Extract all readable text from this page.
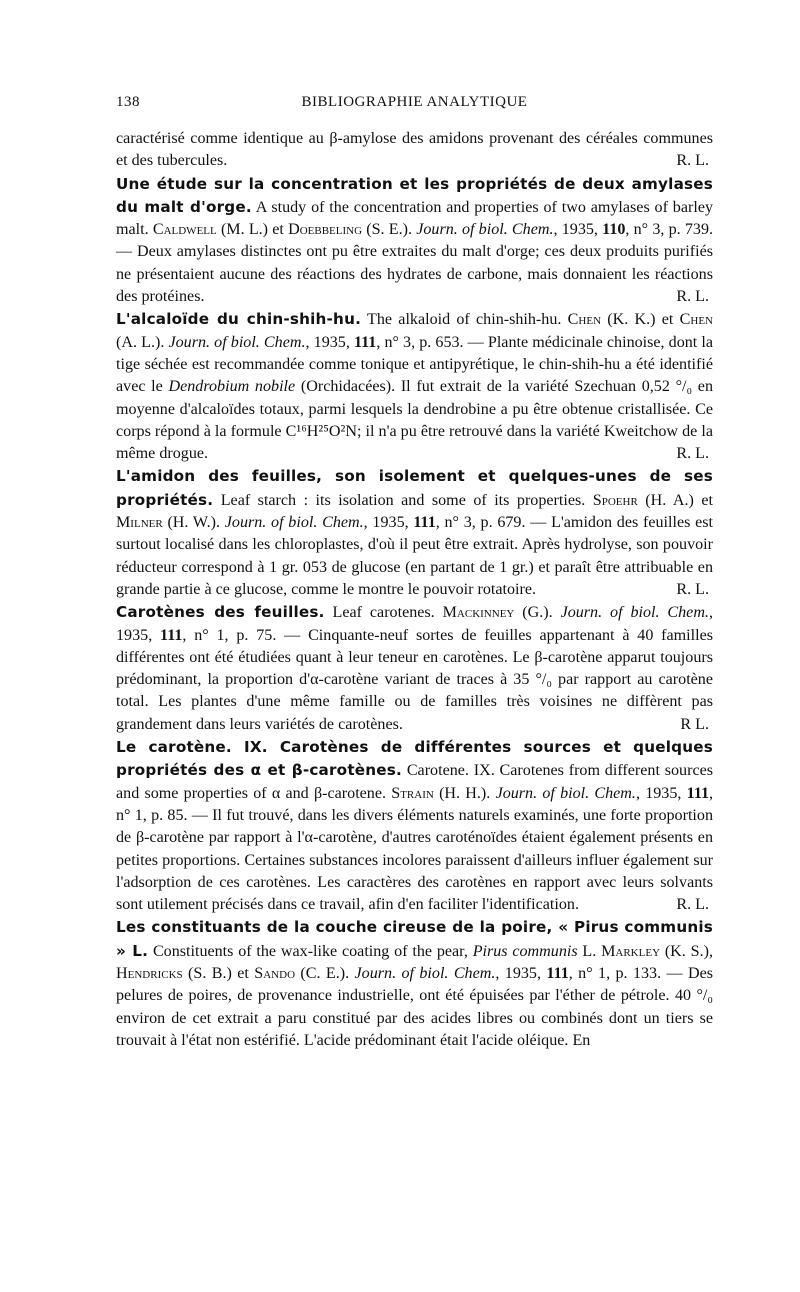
138	BIBLIOGRAPHIE ANALYTIQUE

caractérisé comme identique au β-amylose des amidons provenant des céréales communes et des tubercules.	R. L.

Une étude sur la concentration et les propriétés de deux amylases du malt d'orge. A study of the concentration and properties of two amylases of barley malt. Caldwell (M. L.) et Doebbeling (S. E.). Journ. of biol. Chem., 1935, 110, n° 3, p. 739. — Deux amylases distinctes ont pu être extraites du malt d'orge; ces deux produits purifiés ne présentaient aucune des réactions des hydrates de carbone, mais donnaient les réactions des protéines.	R. L.

L'alcaloïde du chin-shih-hu. The alkaloid of chin-shih-hu. Chen (K. K.) et Chen (A. L.). Journ. of biol. Chem., 1935, 111, n° 3, p. 653. — Plante médicinale chinoise, dont la tige séchée est recommandée comme tonique et antipyrétique, le chin-shih-hu a été identifié avec le Dendrobium nobile (Orchidacées). Il fut extrait de la variété Szechuan 0,52 °/₀ en moyenne d'alcaloïdes totaux, parmi lesquels la dendrobine a pu être obtenue cristallisée. Ce corps répond à la formule C¹⁶H²⁵O²N; il n'a pu être retrouvé dans la variété Kweitchow de la même drogue.	R. L.

L'amidon des feuilles, son isolement et quelques-unes de ses propriétés. Leaf starch : its isolation and some of its properties. Spoehr (H. A.) et Milner (H. W.). Journ. of biol. Chem., 1935, 111, n° 3, p. 679. — L'amidon des feuilles est surtout localisé dans les chloroplastes, d'où il peut être extrait. Après hydrolyse, son pouvoir réducteur correspond à 1 gr. 053 de glucose (en partant de 1 gr.) et paraît être attribuable en grande partie à ce glucose, comme le montre le pouvoir rotatoire.	R. L.

Carotènes des feuilles. Leaf carotenes. Mackinney (G.). Journ. of biol. Chem., 1935, 111, n° 1, p. 75. — Cinquante-neuf sortes de feuilles appartenant à 40 familles différentes ont été étudiées quant à leur teneur en carotènes. Le β-carotène apparut toujours prédominant, la proportion d'α-carotène variant de traces à 35 °/₀ par rapport au carotène total. Les plantes d'une même famille ou de familles très voisines ne diffèrent pas grandement dans leurs variétés de carotènes.	R L.

Le carotène. IX. Carotènes de différentes sources et quelques propriétés des α et β-carotènes. Carotene. IX. Carotenes from different sources and some properties of α and β-carotene. Strain (H. H.). Journ. of biol. Chem., 1935, 111, n° 1, p. 85. — Il fut trouvé, dans les divers éléments naturels examinés, une forte proportion de β-carotène par rapport à l'α-carotène, d'autres caroténoïdes étaient également présents en petites proportions. Certaines substances incolores paraissent d'ailleurs influer également sur l'adsorption de ces carotènes. Les caractères des carotènes en rapport avec leurs solvants sont utilement précisés dans ce travail, afin d'en faciliter l'identification.	R. L.

Les constituants de la couche cireuse de la poire, « Pirus communis » L. Constituents of the wax-like coating of the pear, Pirus communis L. Markley (K. S.), Hendricks (S. B.) et Sando (C. E.). Journ. of biol. Chem., 1935, 111, n° 1, p. 133. — Des pelures de poires, de provenance industrielle, ont été épuisées par l'éther de pétrole. 40 °/₀ environ de cet extrait a paru constitué par des acides libres ou combinés dont un tiers se trouvait à l'état non estérifié. L'acide prédominant était l'acide oléique. En
